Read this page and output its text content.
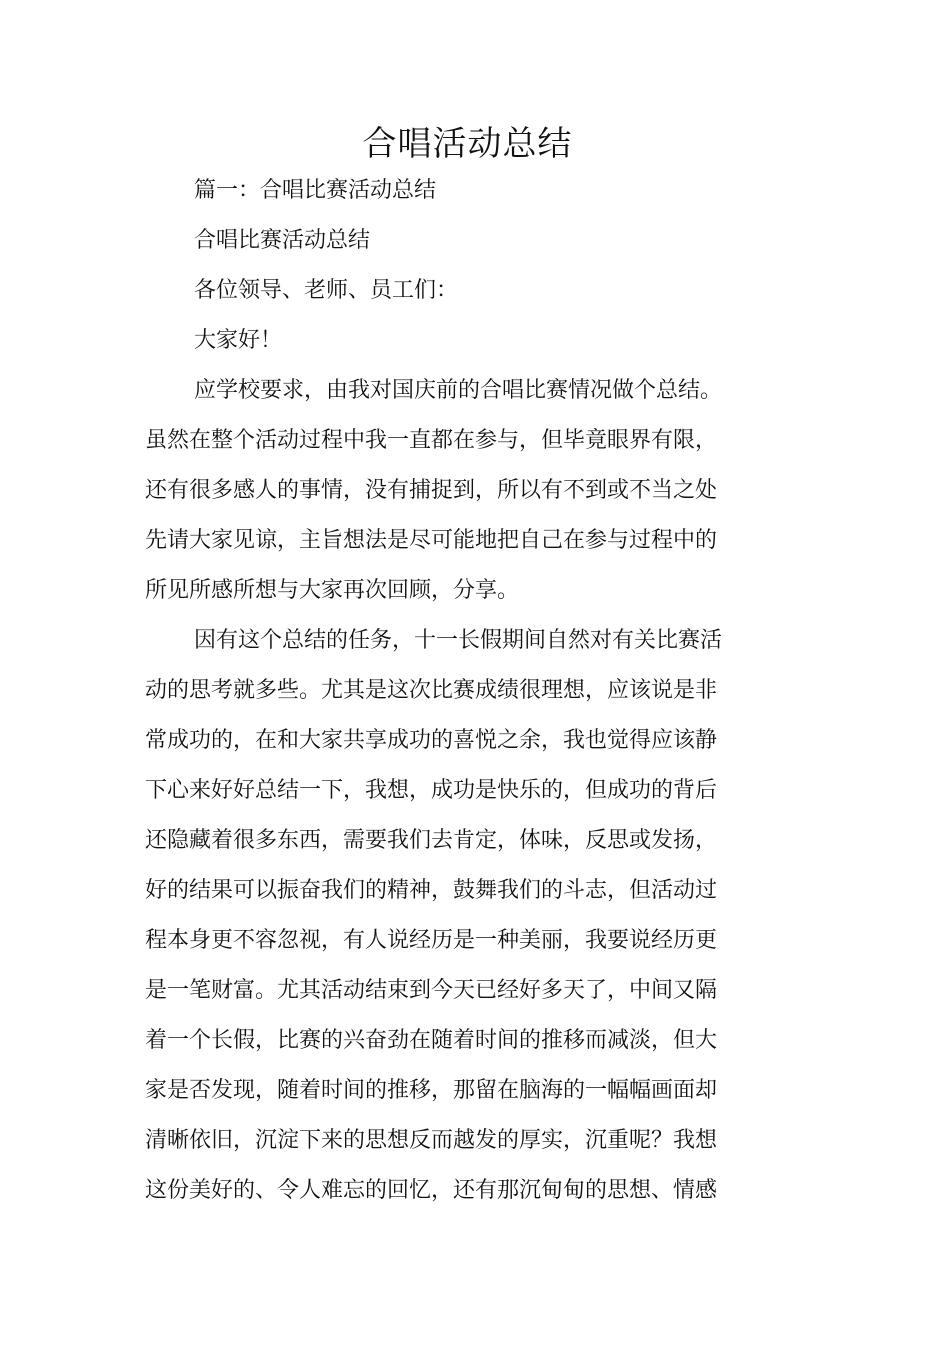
合唱活动总结

篇一：合唱比赛活动总结

合唱比赛活动总结

各位领导、老师、员工们：

大家好！

应学校要求，由我对国庆前的合唱比赛情况做个总结。

虽然在整个活动过程中我一直都在参与，但毕竟眼界有限，

还有很多感人的事情，没有捕捉到，所以有不到或不当之处

先请大家见谅，主旨想法是尽可能地把自己在参与过程中的

所见所感所想与大家再次回顾，分享。

因有这个总结的任务，十一长假期间自然对有关比赛活

动的思考就多些。尤其是这次比赛成绩很理想，应该说是非

常成功的，在和大家共享成功的喜悦之余，我也觉得应该静

下心来好好总结一下，我想，成功是快乐的，但成功的背后

还隐藏着很多东西，需要我们去肯定，体味，反思或发扬，

好的结果可以振奋我们的精神，鼓舞我们的斗志，但活动过

程本身更不容忽视，有人说经历是一种美丽，我要说经历更

是一笔财富。尤其活动结束到今天已经好多天了，中间又隔

着一个长假，比赛的兴奋劲在随着时间的推移而减淡，但大

家是否发现，随着时间的推移，那留在脑海的一幅幅画面却

清晰依旧，沉淀下来的思想反而越发的厚实，沉重呢？我想

这份美好的、令人难忘的回忆，还有那沉甸甸的思想、情感
